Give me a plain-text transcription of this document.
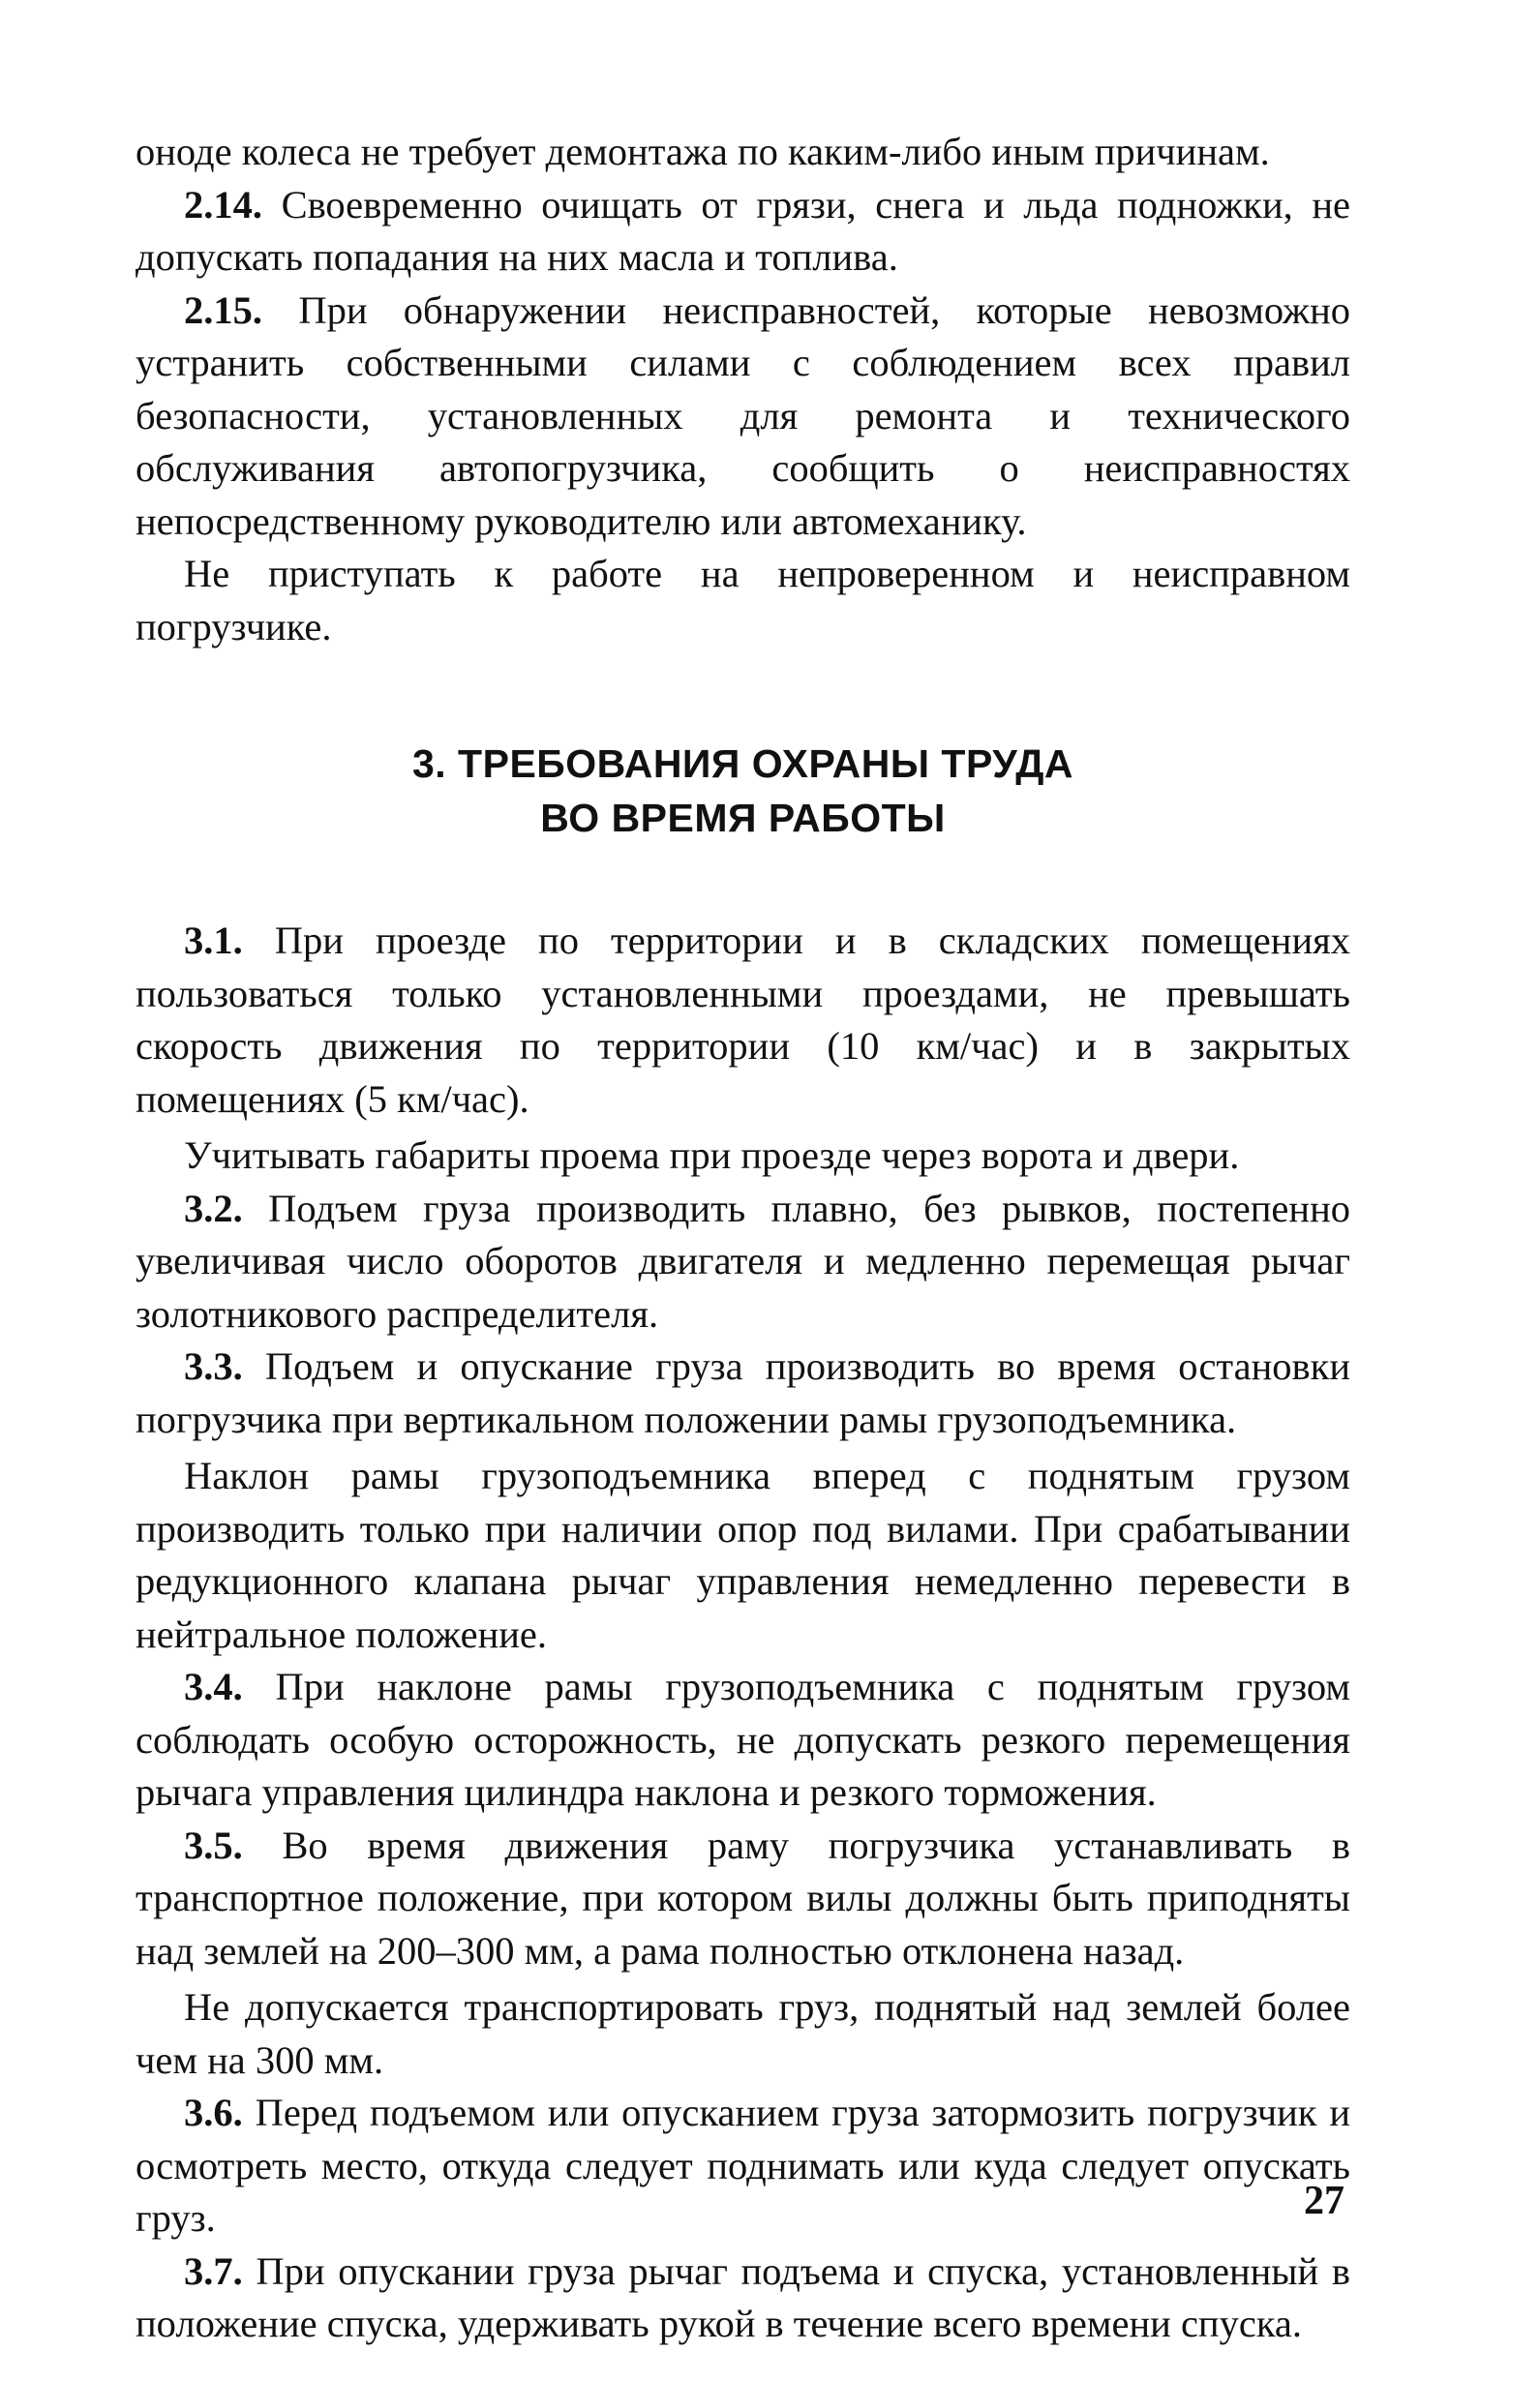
оноде колеса не требует демонтажа по каким-либо иным причинам.

2.14. Своевременно очищать от грязи, снега и льда подножки, не допускать попадания на них масла и топлива.

2.15. При обнаружении неисправностей, которые невозможно устранить собственными силами с соблюдением всех правил безопасности, установленных для ремонта и технического обслуживания автопогрузчика, сообщить о неисправностях непосредственному руководителю или автомеханику.

Не приступать к работе на непроверенном и неисправном погрузчике.

3. ТРЕБОВАНИЯ ОХРАНЫ ТРУДА
ВО ВРЕМЯ РАБОТЫ

3.1. При проезде по территории и в складских помещениях пользоваться только установленными проездами, не превышать скорость движения по территории (10 км/час) и в закрытых помещениях (5 км/час).

Учитывать габариты проема при проезде через ворота и двери.

3.2. Подъем груза производить плавно, без рывков, постепенно увеличивая число оборотов двигателя и медленно перемещая рычаг золотникового распределителя.

3.3. Подъем и опускание груза производить во время остановки погрузчика при вертикальном положении рамы грузоподъемника.

Наклон рамы грузоподъемника вперед с поднятым грузом производить только при наличии опор под вилами. При срабатывании редукционного клапана рычаг управления немедленно перевести в нейтральное положение.

3.4. При наклоне рамы грузоподъемника с поднятым грузом соблюдать особую осторожность, не допускать резкого перемещения рычага управления цилиндра наклона и резкого торможения.

3.5. Во время движения раму погрузчика устанавливать в транспортное положение, при котором вилы должны быть приподняты над землей на 200–300 мм, а рама полностью отклонена назад.

Не допускается транспортировать груз, поднятый над землей более чем на 300 мм.

3.6. Перед подъемом или опусканием груза затормозить погрузчик и осмотреть место, откуда следует поднимать или куда следует опускать груз.

3.7. При опускании груза рычаг подъема и спуска, установленный в положение спуска, удерживать рукой в течение всего времени спуска.

27
